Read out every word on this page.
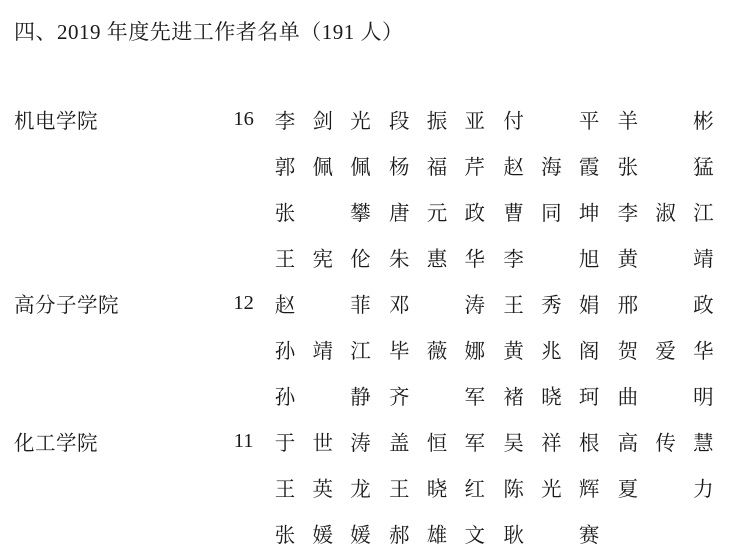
四、2019 年度先进工作者名单（191 人）
机电学院	16	李剑光	段振亚	付 平	羊 彬
		郭佩佩	杨福芹	赵海霞	张 猛
		张 攀	唐元政	曹同坤	李淑江
		王宪伦	朱惠华	李 旭	黄 靖
高分子学院	12	赵 菲	邓 涛	王秀娟	邢 政
		孙靖江	毕薇娜	黄兆阁	贺爱华
		孙 静	齐 军	褚晓珂	曲 明
化工学院	11	于世涛	盖恒军	吴祥根	高传慧
		王英龙	王晓红	陈光辉	夏 力
		张媛媛	郝雄文	耿 赛	
